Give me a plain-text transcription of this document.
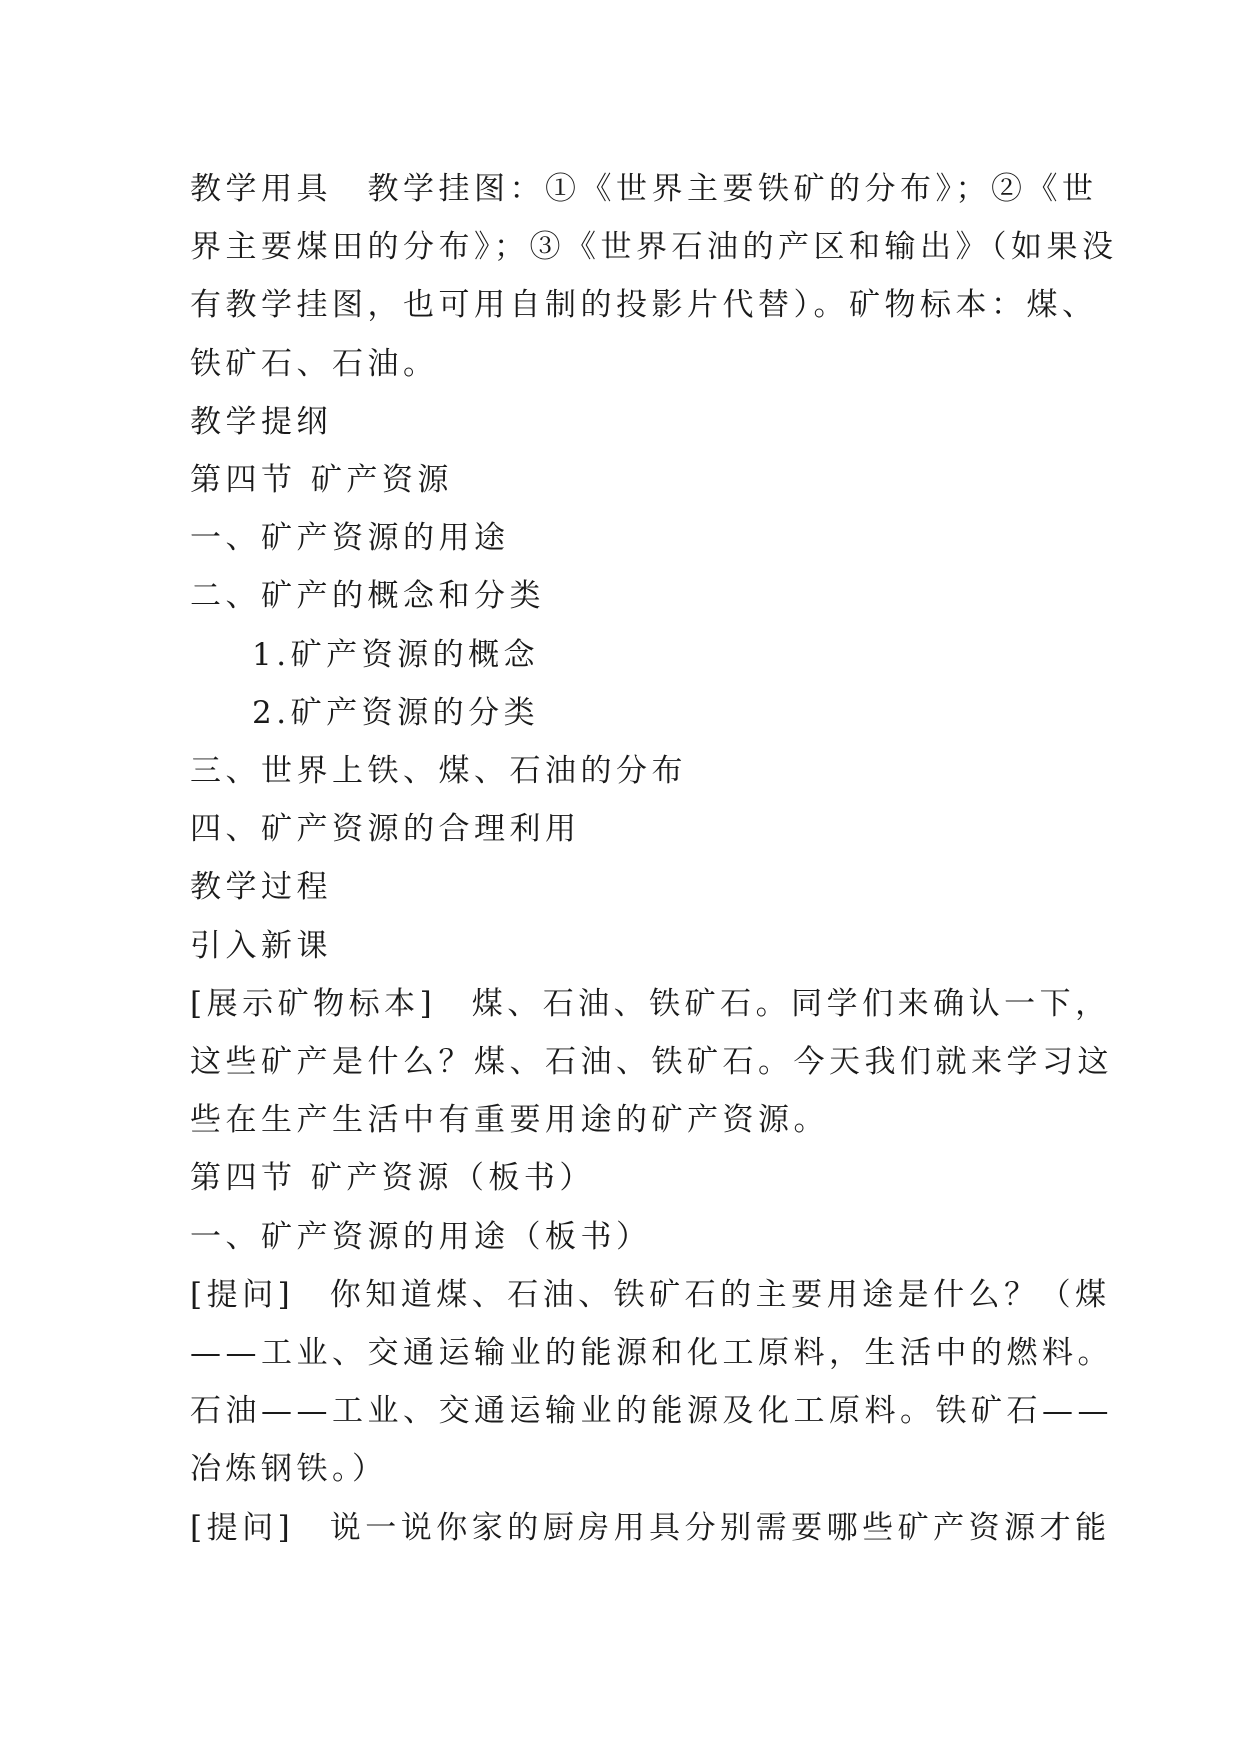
教学用具　教学挂图：①《世界主要铁矿的分布》；②《世

界主要煤田的分布》；③《世界石油的产区和输出》（如果没

有教学挂图，也可用自制的投影片代替）。矿物标本：煤、

铁矿石、石油。

教学提纲

第四节 矿产资源

一、矿产资源的用途

二、矿产的概念和分类

1.矿产资源的概念

2.矿产资源的分类

三、世界上铁、煤、石油的分布

四、矿产资源的合理利用

教学过程

引入新课

[展示矿物标本]　煤、石油、铁矿石。同学们来确认一下，

这些矿产是什么？煤、石油、铁矿石。今天我们就来学习这

些在生产生活中有重要用途的矿产资源。

第四节 矿产资源（板书）

一、矿产资源的用途（板书）

[提问]　你知道煤、石油、铁矿石的主要用途是什么？（煤

——工业、交通运输业的能源和化工原料，生活中的燃料。

石油——工业、交通运输业的能源及化工原料。铁矿石——

冶炼钢铁。）

[提问]　说一说你家的厨房用具分别需要哪些矿产资源才能
